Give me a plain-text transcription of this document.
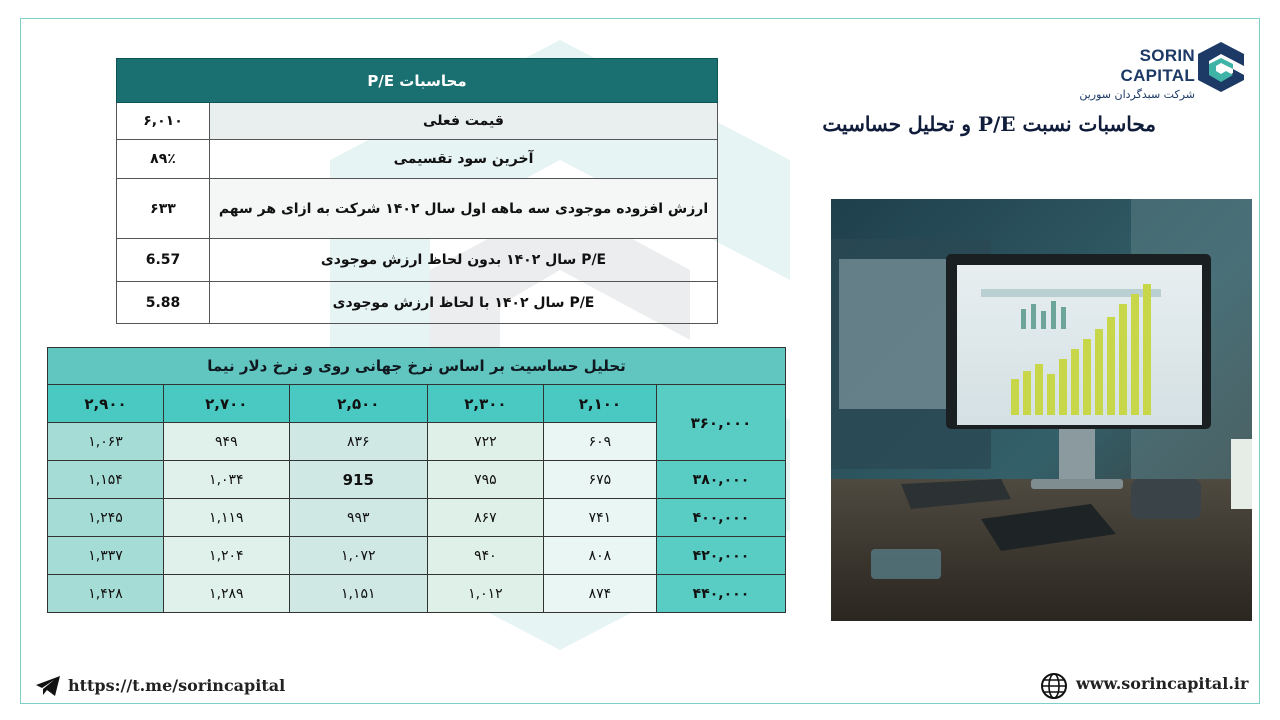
SORIN CAPITAL
شرکت سبدگردان سورین
محاسبات نسبت P/E و تحلیل حساسیت
محاسبات P/E	
قیمت فعلی	۶,۰۱۰
آخرین سود تقسیمی	۸۹٪
ارزش افزوده موجودی سه ماهه اول سال ۱۴۰۲ شرکت به ازای هر سهم	۶۳۳
P/E سال ۱۴۰۲ بدون لحاظ ارزش موجودی	6.57
P/E سال ۱۴۰۲ با لحاظ ارزش موجودی	5.88
تحلیل حساسیت بر اساس نرخ جهانی روی و نرخ دلار نیما					
۳۶۰,۰۰۰	۲,۱۰۰	۲,۳۰۰	۲,۵۰۰	۲,۷۰۰	۲,۹۰۰
	۶۰۹	۷۲۲	۸۳۶	۹۴۹	۱,۰۶۳
۳۸۰,۰۰۰	۶۷۵	۷۹۵	915	۱,۰۳۴	۱,۱۵۴
۴۰۰,۰۰۰	۷۴۱	۸۶۷	۹۹۳	۱,۱۱۹	۱,۲۴۵
۴۲۰,۰۰۰	۸۰۸	۹۴۰	۱,۰۷۲	۱,۲۰۴	۱,۳۳۷
۴۴۰,۰۰۰	۸۷۴	۱,۰۱۲	۱,۱۵۱	۱,۲۸۹	۱,۴۲۸
https://t.me/sorincapital	www.sorincapital.ir
